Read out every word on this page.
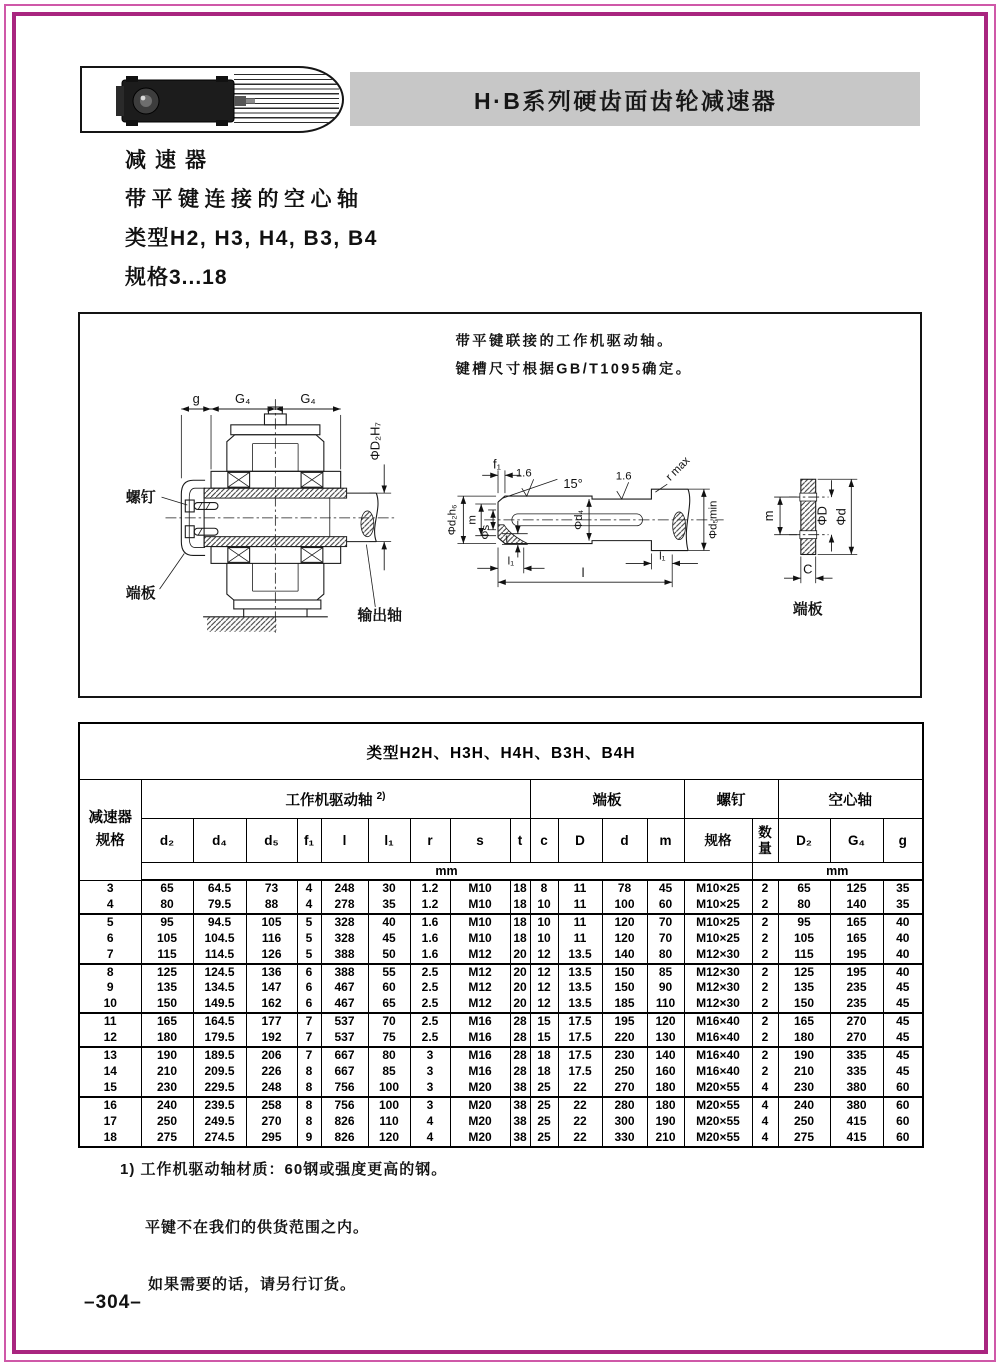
H·B系列硬齿面齿轮减速器
减速器
带平键连接的空心轴
类型H2, H3, H4, B3, B4
规格3...18
带平键联接的工作机驱动轴。
键槽尺寸根据GB/T1095确定。
g	G₄	G₄
ΦD₂H₇
螺钉
端板
输出轴
Φd₂h₆ m
Φs
f₁
15°
1.6	1.6	r max
Φd₄	Φd₅min
t
l₁
l
l₁
m	ΦD Φd
C
端板
类型H2H、H3H、H4H、B3H、B4H																		

减速器
规格	工作机驱动轴 $^{2)}$									端板				螺钉		空心轴		
	d₂	d₄	d₅	f₁	l	l₁	r	s	t	c	D	d	m	规格	数量	D₂	G₄	g
	mm														mm			
3	65	64.5	73	4	248	30	1.2	M10	18	8	11	78	45	M10×25	2	65	125	35
4	80	79.5	88	4	278	35	1.2	M10	18	10	11	100	60	M10×25	2	80	140	35
5	95	94.5	105	5	328	40	1.6	M10	18	10	11	120	70	M10×25	2	95	165	40
6	105	104.5	116	5	328	45	1.6	M10	18	10	11	120	70	M10×25	2	105	165	40
7	115	114.5	126	5	388	50	1.6	M12	20	12	13.5	140	80	M12×30	2	115	195	40
8	125	124.5	136	6	388	55	2.5	M12	20	12	13.5	150	85	M12×30	2	125	195	40
9	135	134.5	147	6	467	60	2.5	M12	20	12	13.5	150	90	M12×30	2	135	235	45
10	150	149.5	162	6	467	65	2.5	M12	20	12	13.5	185	110	M12×30	2	150	235	45
11	165	164.5	177	7	537	70	2.5	M16	28	15	17.5	195	120	M16×40	2	165	270	45
12	180	179.5	192	7	537	75	2.5	M16	28	15	17.5	220	130	M16×40	2	180	270	45
13	190	189.5	206	7	667	80	3	M16	28	18	17.5	230	140	M16×40	2	190	335	45
14	210	209.5	226	8	667	85	3	M16	28	18	17.5	250	160	M16×40	2	210	335	45
15	230	229.5	248	8	756	100	3	M20	38	25	22	270	180	M20×55	4	230	380	60
16	240	239.5	258	8	756	100	3	M20	38	25	22	280	180	M20×55	4	240	380	60
17	250	249.5	270	8	826	110	4	M20	38	25	22	300	190	M20×55	4	250	415	60
18	275	274.5	295	9	826	120	4	M20	38	25	22	330	210	M20×55	4	275	415	60
1) 工作机驱动轴材质：60钢或强度更高的钢。
平键不在我们的供货范围之内。
如果需要的话，请另行订货。
–304–
